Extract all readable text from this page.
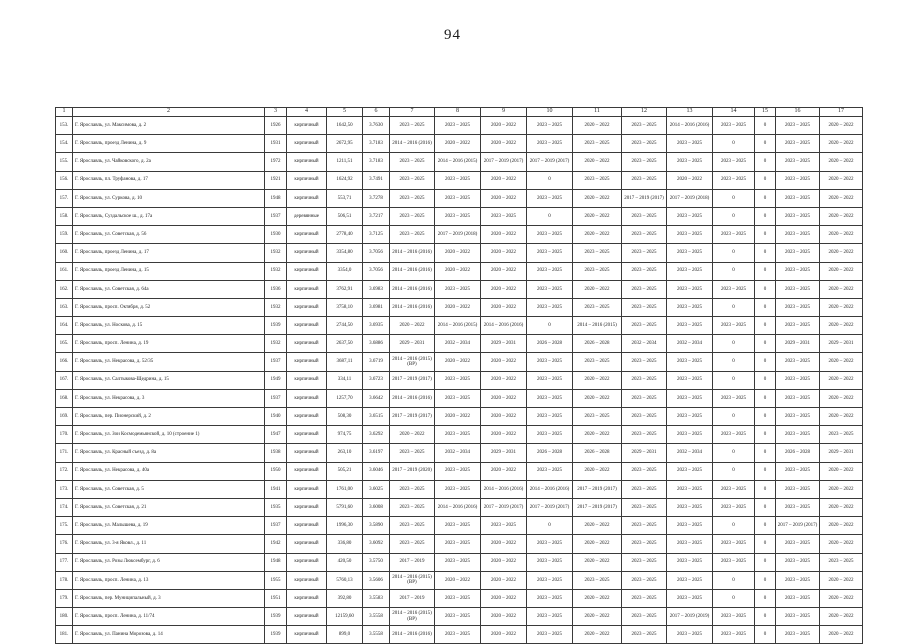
94
1	2	3	4	5	6	7	8	9	10	11	12	13	14	15	16	17
153.	Г. Ярославль, ул. Максимова, д. 2	1926	кирпичный	1642,50	3.7630	2023 – 2025	2023 – 2025	2020 – 2022	2023 – 2025	2020 – 2022	2023 – 2025	2014 – 2016 (2016)	2023 – 2025	0	2023 – 2025	2020 – 2022
154.	Г. Ярославль, проезд Ленина, д. 9	1931	кирпичный	2672,95	3.7183	2014 – 2016 (2016)	2020 – 2022	2020 – 2022	2023 – 2025	2023 – 2025	2023 – 2025	2023 – 2025	0	0	2023 – 2025	2020 – 2022
155.	Г. Ярославль, ул. Чайковского, д. 2а	1972	кирпичный	1211,51	3.7183	2023 – 2025	2014 – 2016 (2015)	2017 – 2019 (2017)	2017 – 2019 (2017)	2020 – 2022	2023 – 2025	2023 – 2025	2023 – 2025	0	2023 – 2025	2020 – 2022
156.	Г. Ярославль, пл. Труфанова, д. 17	1921	кирпичный	1624,92	3.7491	2023 – 2025	2023 – 2025	2020 – 2022	0	2023 – 2025	2023 – 2025	2020 – 2022	2023 – 2025	0	2023 – 2025	2020 – 2022
157.	Г. Ярославль, ул. Суркова, д. 10	1948	кирпичный	553,71	3.7278	2023 – 2025	2023 – 2025	2020 – 2022	2023 – 2025	2020 – 2022	2017 – 2019 (2017)	2017 – 2019 (2018)	0	0	2023 – 2025	2020 – 2022
158.	Г. Ярославль, Суздальское ш., д. 17а	1937	деревянные	506,51	3.7217	2023 – 2025	2023 – 2025	2023 – 2025	0	2020 – 2022	2023 – 2025	2023 – 2025	0	0	2023 – 2025	2020 – 2022
159.	Г. Ярославль, ул. Советская, д. 56	1930	кирпичный	2778,40	3.7125	2023 – 2025	2017 – 2019 (2018)	2020 – 2022	2023 – 2025	2020 – 2022	2023 – 2025	2023 – 2025	2023 – 2025	0	2023 – 2025	2020 – 2022
160.	Г. Ярославль, проезд Ленина, д. 17	1932	кирпичный	3354,80	3.7056	2014 – 2016 (2016)	2020 – 2022	2020 – 2022	2023 – 2025	2023 – 2025	2023 – 2025	2023 – 2025	0	0	2023 – 2025	2020 – 2022
161.	Г. Ярославль, проезд Ленина, д. 15	1932	кирпичный	3354,0	3.7056	2014 – 2016 (2016)	2020 – 2022	2020 – 2022	2023 – 2025	2023 – 2025	2023 – 2025	2023 – 2025	0	0	2023 – 2025	2020 – 2022
162.	Г. Ярославль, ул. Советская, д. 64а	1936	кирпичный	3762,91	3.6983	2014 – 2016 (2016)	2023 – 2025	2020 – 2022	2023 – 2025	2020 – 2022	2023 – 2025	2023 – 2025	2023 – 2025	0	2023 – 2025	2020 – 2022
163.	Г. Ярославль, просп. Октября, д. 52	1932	кирпичный	3758,10	3.6981	2014 – 2016 (2016)	2020 – 2022	2020 – 2022	2023 – 2025	2023 – 2025	2023 – 2025	2023 – 2025	0	0	2023 – 2025	2020 – 2022
164.	Г. Ярославль, ул. Носкова, д. 15	1939	кирпичный	2744,50	3.6935	2020 – 2022	2014 – 2016 (2015)	2014 – 2016 (2016)	0	2014 – 2016 (2015)	2023 – 2025	2023 – 2025	2023 – 2025	0	2023 – 2025	2020 – 2022
165.	Г. Ярославль, просп. Ленина, д. 19	1932	кирпичный	2637,50	3.6886	2029 – 2031	2032 – 2034	2029 – 2031	2026 – 2028	2026 – 2028	2032 – 2034	2032 – 2034	0	0	2029 – 2031	2029 – 2031
166.	Г. Ярославль, ул. Некрасова, д. 52/35	1937	кирпичный	3687,11	3.6719	2014 – 2016 (2015) (ВР)	2020 – 2022	2020 – 2022	2023 – 2025	2023 – 2025	2023 – 2025	2023 – 2025	0	0	2023 – 2025	2020 – 2022
167.	Г. Ярославль, ул. Салтыкова-Щедрина, д. 15	1949	кирпичный	334,11	3.6723	2017 – 2019 (2017)	2023 – 2025	2020 – 2022	2023 – 2025	2020 – 2022	2023 – 2025	2023 – 2025	0	0	2023 – 2025	2020 – 2022
168.	Г. Ярославль, ул. Некрасова, д. 3	1937	кирпичный	1257,70	3.6642	2014 – 2016 (2016)	2023 – 2025	2020 – 2022	2023 – 2025	2020 – 2022	2023 – 2025	2023 – 2025	2023 – 2025	0	2023 – 2025	2020 – 2022
169.	Г. Ярославль, пер. Пионерский, д. 2	1940	кирпичный	508,30	3.6515	2017 – 2019 (2017)	2020 – 2022	2020 – 2022	2023 – 2025	2023 – 2025	2023 – 2025	2023 – 2025	0	0	2023 – 2025	2020 – 2022
170.	Г. Ярославль, ул. Зои Космодемьянской, д. 10 (строение 1)	1947	кирпичный	974,75	3.6292	2020 – 2022	2023 – 2025	2020 – 2022	2023 – 2025	2020 – 2022	2023 – 2025	2023 – 2025	2023 – 2025	0	2023 – 2025	2023 – 2025
171.	Г. Ярославль, ул. Красный съезд, д. 8а	1938	кирпичный	263,10	3.6197	2023 – 2025	2032 – 2034	2029 – 2031	2026 – 2028	2026 – 2028	2029 – 2031	2032 – 2034	0	0	2026 – 2028	2029 – 2031
172.	Г. Ярославль, ул. Некрасова, д. 40а	1950	кирпичный	505,21	3.6046	2017 – 2019 (2020)	2023 – 2025	2020 – 2022	2023 – 2025	2020 – 2022	2023 – 2025	2023 – 2025	0	0	2023 – 2025	2020 – 2022
173.	Г. Ярославль, ул. Советская, д. 5	1941	кирпичный	1761,00	3.6025	2023 – 2025	2023 – 2025	2014 – 2016 (2016)	2014 – 2016 (2016)	2017 – 2019 (2017)	2023 – 2025	2023 – 2025	2023 – 2025	0	2023 – 2025	2020 – 2022
174.	Г. Ярославль, ул. Советская, д. 21	1935	кирпичный	5791,60	3.6008	2023 – 2025	2014 – 2016 (2016)	2017 – 2019 (2017)	2017 – 2019 (2017)	2017 – 2019 (2017)	2023 – 2025	2023 – 2025	2023 – 2025	0	2023 – 2025	2020 – 2022
175.	Г. Ярославль, ул. Малышева, д. 19	1937	кирпичный	1996,30	3.5890	2023 – 2025	2023 – 2025	2023 – 2025	0	2020 – 2022	2023 – 2025	2023 – 2025	0	0	2017 – 2019 (2017)	2020 – 2022
176.	Г. Ярославль, ул. 3-я Яковл., д. 11	1942	кирпичный	336,80	3.6092	2023 – 2025	2023 – 2025	2020 – 2022	2023 – 2025	2020 – 2022	2023 – 2025	2023 – 2025	2023 – 2025	0	2023 – 2025	2020 – 2022
177.	Г. Ярославль, ул. Розы Люксембург, д. 6	1948	кирпичный	420,50	3.5750	2017 – 2019	2023 – 2025	2020 – 2022	2023 – 2025	2020 – 2022	2023 – 2025	2023 – 2025	2023 – 2025	0	2023 – 2025	2023 – 2025
178.	Г. Ярославль, просп. Ленина, д. 13	1955	кирпичный	5760,13	3.5606	2014 – 2016 (2015) (ВР)	2020 – 2022	2020 – 2022	2023 – 2025	2023 – 2025	2023 – 2025	2023 – 2025	0	0	2023 – 2025	2020 – 2022
179.	Г. Ярославль, пер. Муниципальный, д. 3	1951	кирпичный	392,80	3.5583	2017 – 2019	2023 – 2025	2020 – 2022	2023 – 2025	2020 – 2022	2023 – 2025	2023 – 2025	0	0	2023 – 2025	2020 – 2022
180.	Г. Ярославль, просп. Ленина, д. 11/74	1939	кирпичный	12159,60	3.5558	2014 – 2016 (2015) (ВР)	2023 – 2025	2020 – 2022	2023 – 2025	2020 – 2022	2023 – 2025	2017 – 2019 (2019)	2023 – 2025	0	2023 – 2025	2020 – 2022
181.	Г. Ярославль, ул. Панина Морозова, д. 14	1939	кирпичный	899,0	3.5558	2014 – 2016 (2016)	2023 – 2025	2020 – 2022	2023 – 2025	2020 – 2022	2023 – 2025	2023 – 2025	2023 – 2025	0	2023 – 2025	2020 – 2022
